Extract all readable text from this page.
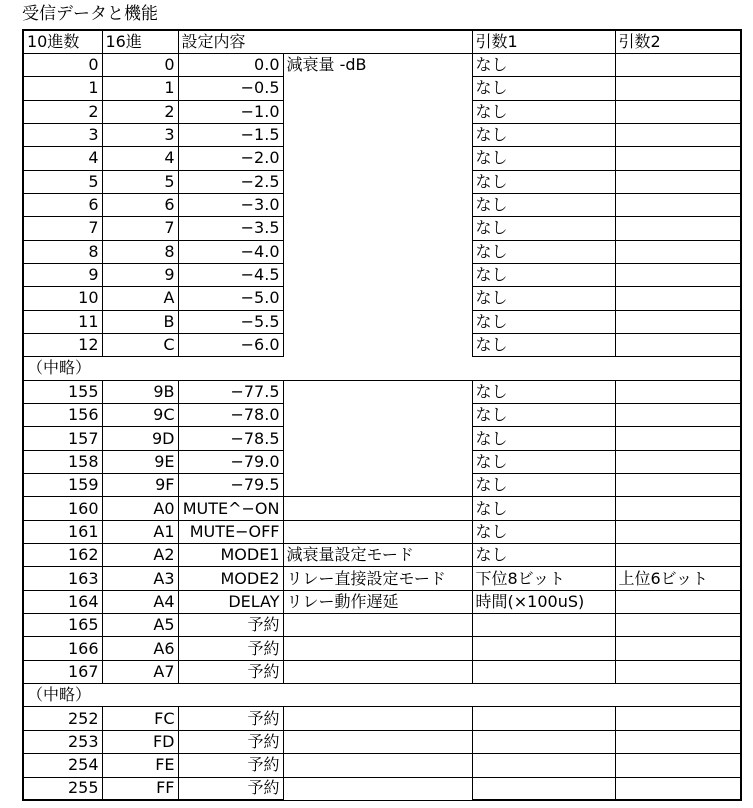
受信データと機能
10進数	16進	設定内容		引数1	引数2
0	0	0.0	減衰量 -dB	なし	
1	1	−0.5		なし	
2	2	−1.0		なし	
3	3	−1.5		なし	
4	4	−2.0		なし	
5	5	−2.5		なし	
6	6	−3.0		なし	
7	7	−3.5		なし	
8	8	−4.0		なし	
9	9	−4.5		なし	
10	A	−5.0		なし	
11	B	−5.5		なし	
12	C	−6.0		なし	
（中略）					
155	9B	−77.5		なし	
156	9C	−78.0		なし	
157	9D	−78.5		なし	
158	9E	−79.0		なし	
159	9F	−79.5		なし	
160	A0	MUTE^−ON		なし	
161	A1	MUTE−OFF		なし	
162	A2	MODE1	減衰量設定モード	なし	
163	A3	MODE2	リレー直接設定モード	下位8ビット	上位6ビット
164	A4	DELAY	リレー動作遅延	時間(×100uS)	
165	A5	予約			
166	A6	予約			
167	A7	予約			
（中略）					
252	FC	予約			
253	FD	予約			
254	FE	予約			
255	FF	予約			
